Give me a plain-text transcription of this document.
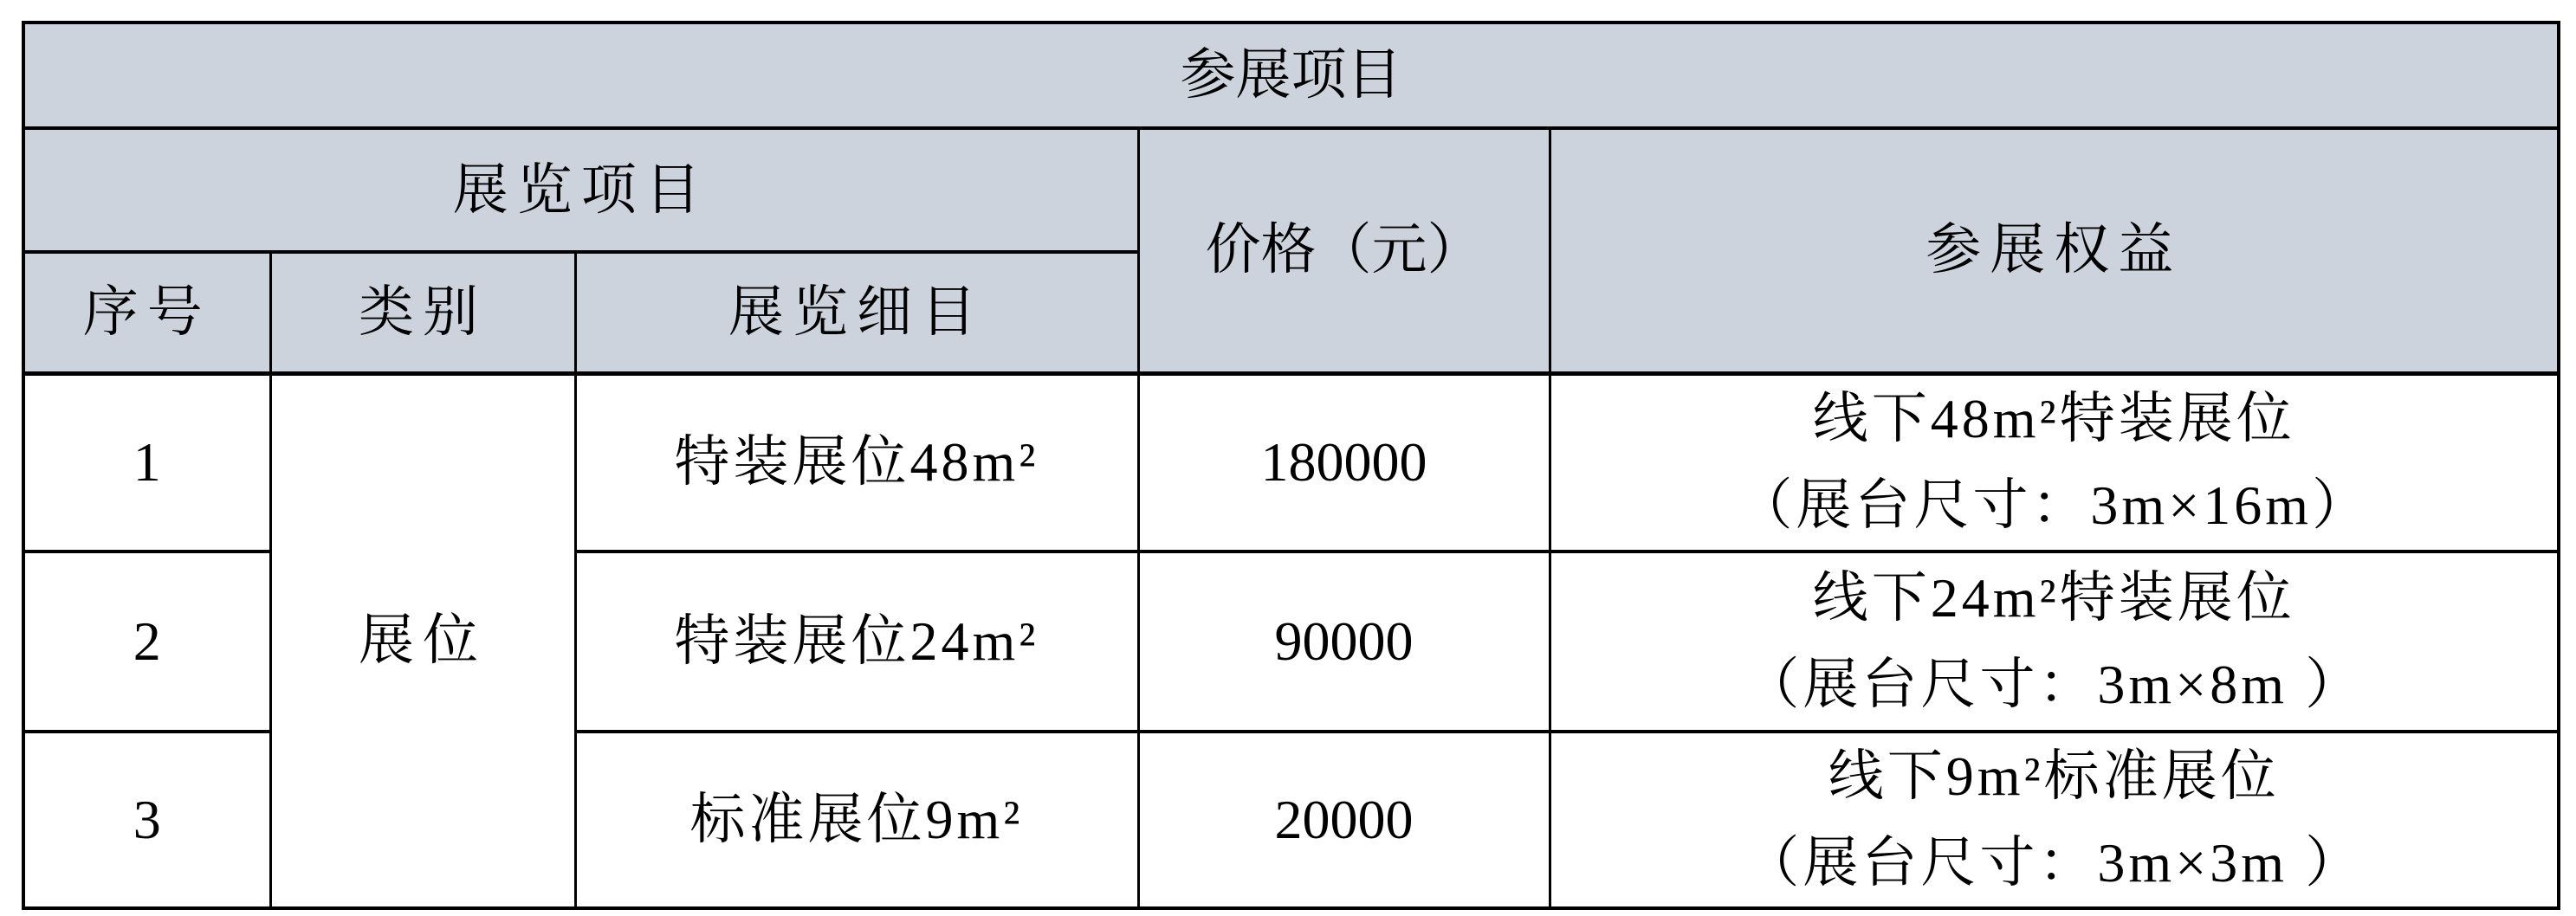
参展项目				
展览项目			价格（元）	参展权益
序号	类别	展览细目		
1	展位	特装展位48m²	180000	线下48m²特装展位
（展台尺寸：3m×16m）

2		特装展位24m²	90000	线下24m²特装展位
（展台尺寸：3m×8m ）

3		标准展位9m²	20000	线下9m²标准展位
（展台尺寸：3m×3m ）
